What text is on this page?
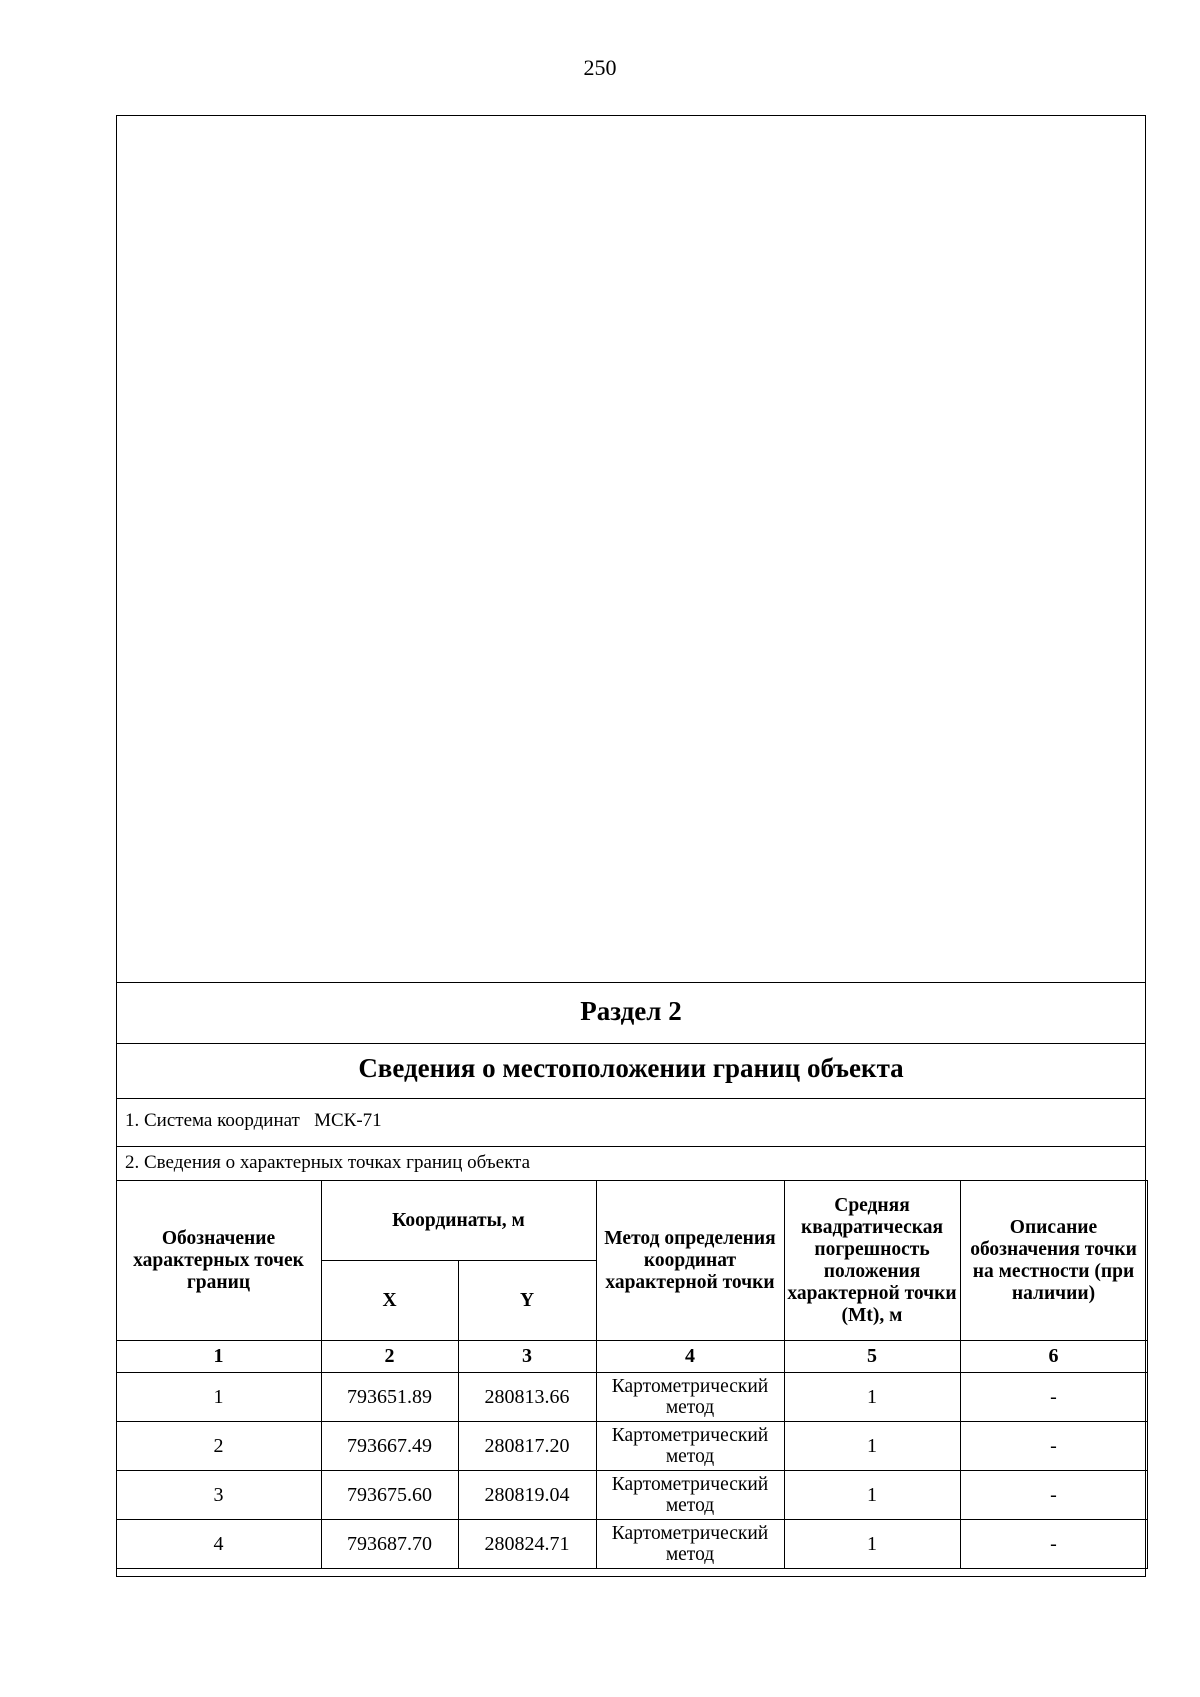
250
Раздел 2
Сведения о местоположении границ объекта
1. Система координат МСК-71
2. Сведения о характерных точках границ объекта
Обозначение характерных точек границ	Координаты, м		Метод определения координат характерной точки	Средняя квадратическая погрешность положения характерной точки (Mt), м	Описание обозначения точки на местности (при наличии)
	X	Y			
1	2	3	4	5	6
1	793651.89	280813.66	Картометрический метод	1	-
2	793667.49	280817.20	Картометрический метод	1	-
3	793675.60	280819.04	Картометрический метод	1	-
4	793687.70	280824.71	Картометрический метод	1	-
